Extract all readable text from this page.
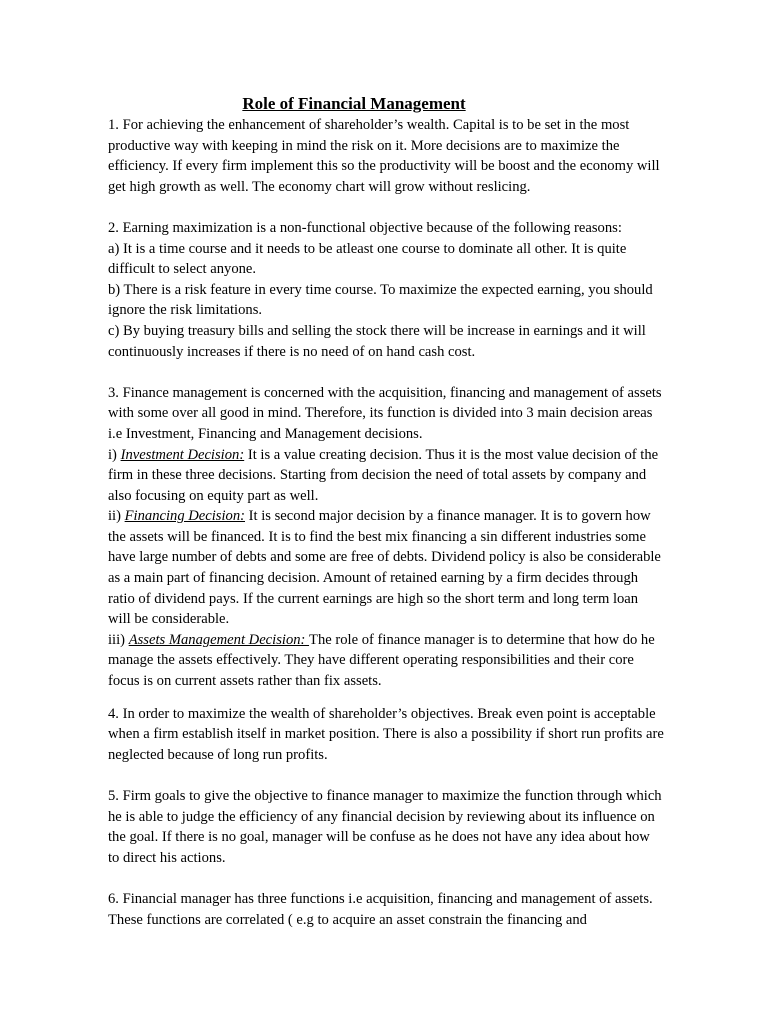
Role of Financial Management

1. For achieving the enhancement of shareholder’s wealth. Capital is to be set in the most productive way with keeping in mind the risk on it. More decisions are to maximize the efficiency. If every firm implement this so the productivity will be boost and the economy will get high growth as well. The economy chart will grow without reslicing.

2. Earning maximization is a non-functional objective because of the following reasons:

a) It is a time course and it needs to be atleast one course to dominate all other. It is quite difficult to select anyone.

b) There is a risk feature in every time course. To maximize the expected earning, you should ignore the risk limitations.

c) By buying treasury bills and selling the stock there will be increase in earnings and it will continuously increases if there is no need of on hand cash cost.

3. Finance management is concerned with the acquisition, financing and management of assets with some over all good in mind. Therefore, its function is divided into 3 main decision areas i.e Investment, Financing and Management decisions.

i) Investment Decision: It is a value creating decision. Thus it is the most value decision of the firm in these three decisions. Starting from decision the need of total assets by company and also focusing on equity part as well.

ii) Financing Decision: It is second major decision by a finance manager. It is to govern how the assets will be financed. It is to find the best mix financing a sin different industries some have large number of debts and some are free of debts. Dividend policy is also be considerable as a main part of financing decision. Amount of retained earning by a firm decides through ratio of dividend pays. If the current earnings are high so the short term and long term loan will be considerable.

iii) Assets Management Decision: The role of finance manager is to determine that how do he manage the assets effectively. They have different operating responsibilities and their core focus is on current assets rather than fix assets.

4. In order to maximize the wealth of shareholder’s objectives. Break even point is acceptable when a firm establish itself in market position. There is also a possibility if short run profits are neglected because of long run profits.

5. Firm goals to give the objective to finance manager to maximize the function through which he is able to judge the efficiency of any financial decision by reviewing about its influence on the goal. If there is no goal, manager will be confuse as he does not have any idea about how to direct his actions.

6. Financial manager has three functions i.e acquisition, financing and management of assets. These functions are correlated ( e.g to acquire an asset constrain the financing and
